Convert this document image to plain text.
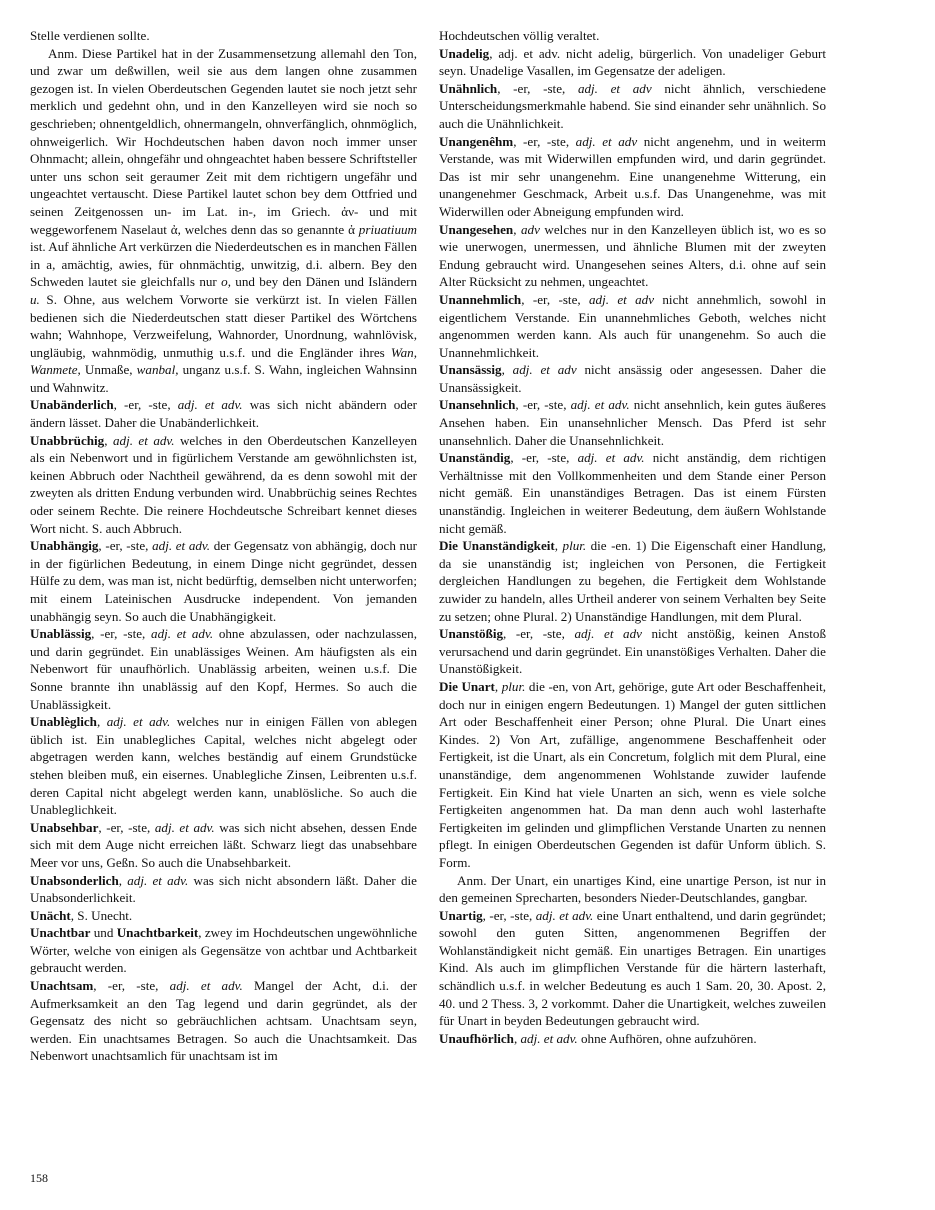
Stelle verdienen sollte.

Anm. Diese Partikel hat in der Zusammensetzung allemahl den Ton, und zwar um deßwillen, weil sie aus dem langen ohne zusammen gezogen ist. In vielen Oberdeutschen Gegenden lautet sie noch jetzt sehr merklich und gedehnt ohn, und in den Kanzelleyen wird sie noch so geschrieben; ohnentgeldlich, ohnermangeln, ohnverfänglich, ohnmöglich, ohnweigerlich. Wir Hochdeutschen haben davon noch immer unser Ohnmacht; allein, ohngefähr und ohngeachtet haben bessere Schriftsteller unter uns schon seit geraumer Zeit mit dem richtigern ungefähr und ungeachtet vertauscht. Diese Partikel lautet schon bey dem Ottfried und seinen Zeitgenossen un- im Lat. in-, im Griech. ἀν- und mit weggeworfenem Naselaut ἀ, welches denn das so genannte ἀ priuatiuum ist. Auf ähnliche Art verkürzen die Niederdeutschen es in manchen Fällen in a, amächtig, awies, für ohnmächtig, unwitzig, d.i. albern. Bey den Schweden lautet sie gleichfalls nur o, und bey den Dänen und Isländern u. S. Ohne, aus welchem Vorworte sie verkürzt ist. In vielen Fällen bedienen sich die Niederdeutschen statt dieser Partikel des Wörtchens wahn; Wahnhope, Verzweifelung, Wahnorder, Unordnung, wahnlövisk, ungläubig, wahnmödig, unmuthig u.s.f. und die Engländer ihres Wan, Wanmete, Unmaße, wanbal, unganz u.s.f. S. Wahn, ingleichen Wahnsinn und Wahnwitz.

Unabänderlich, -er, -ste, adj. et adv. was sich nicht abändern oder ändern lässet. Daher die Unabänderlichkeit.

Unabbrüchig, adj. et adv. welches in den Oberdeutschen Kanzelleyen als ein Nebenwort und in figürlichem Verstande am gewöhnlichsten ist, keinen Abbruch oder Nachtheil gewährend, da es denn sowohl mit der zweyten als dritten Endung verbunden wird. Unabbrüchig seines Rechtes oder seinem Rechte. Die reinere Hochdeutsche Schreibart kennet dieses Wort nicht. S. auch Abbruch.

Unabhängig, -er, -ste, adj. et adv. der Gegensatz von abhängig, doch nur in der figürlichen Bedeutung, in einem Dinge nicht gegründet, dessen Hülfe zu dem, was man ist, nicht bedürftig, demselben nicht unterworfen; mit einem Lateinischen Ausdrucke independent. Von jemanden unabhängig seyn. So auch die Unabhängigkeit.

Unablässig, -er, -ste, adj. et adv. ohne abzulassen, oder nachzulassen, und darin gegründet. Ein unablässiges Weinen. Am häufigsten als ein Nebenwort für unaufhörlich. Unablässig arbeiten, weinen u.s.f. Die Sonne brannte ihn unablässig auf den Kopf, Hermes. So auch die Unablässigkeit.

Unablèglich, adj. et adv. welches nur in einigen Fällen von ablegen üblich ist. Ein unablegliches Capital, welches nicht abgelegt oder abgetragen werden kann, welches beständig auf einem Grundstücke stehen bleiben muß, ein eisernes. Unablegliche Zinsen, Leibrenten u.s.f. deren Capital nicht abgelegt werden kann, unablösliche. So auch die Unableglichkeit.

Unabsehbar, -er, -ste, adj. et adv. was sich nicht absehen, dessen Ende sich mit dem Auge nicht erreichen läßt. Schwarz liegt das unabsehbare Meer vor uns, Geßn. So auch die Unabsehbarkeit.

Unabsonderlich, adj. et adv. was sich nicht absondern läßt. Daher die Unabsonderlichkeit.

Unächt, S. Unecht.

Unachtbar und Unachtbarkeit, zwey im Hochdeutschen ungewöhnliche Wörter, welche von einigen als Gegensätze von achtbar und Achtbarkeit gebraucht werden.

Unachtsam, -er, -ste, adj. et adv. Mangel der Acht, d.i. der Aufmerksamkeit an den Tag legend und darin gegründet, als der Gegensatz des nicht so gebräuchlichen achtsam. Unachtsam seyn, werden. Ein unachtsames Betragen. So auch die Unachtsamkeit. Das Nebenwort unachtsamlich für unachtsam ist im

Hochdeutschen völlig veraltet.

Unadelig, adj. et adv. nicht adelig, bürgerlich. Von unadeliger Geburt seyn. Unadelige Vasallen, im Gegensatze der adeligen.

Unähnlich, -er, -ste, adj. et adv nicht ähnlich, verschiedene Unterscheidungsmerkmahle habend. Sie sind einander sehr unähnlich. So auch die Unähnlichkeit.

Unangenêhm, -er, -ste, adj. et adv nicht angenehm, und in weiterm Verstande, was mit Widerwillen empfunden wird, und darin gegründet. Das ist mir sehr unangenehm. Eine unangenehme Witterung, ein unangenehmer Geschmack, Arbeit u.s.f. Das Unangenehme, was mit Widerwillen oder Abneigung empfunden wird.

Unangesehen, adv welches nur in den Kanzelleyen üblich ist, wo es so wie unerwogen, unermessen, und ähnliche Blumen mit der zweyten Endung gebraucht wird. Unangesehen seines Alters, d.i. ohne auf sein Alter Rücksicht zu nehmen, ungeachtet.

Unannehmlich, -er, -ste, adj. et adv nicht annehmlich, sowohl in eigentlichem Verstande. Ein unannehmliches Geboth, welches nicht angenommen werden kann. Als auch für unangenehm. So auch die Unannehmlichkeit.

Unansässig, adj. et adv nicht ansässig oder angesessen. Daher die Unansässigkeit.

Unansehnlich, -er, -ste, adj. et adv. nicht ansehnlich, kein gutes äußeres Ansehen haben. Ein unansehnlicher Mensch. Das Pferd ist sehr unansehnlich. Daher die Unansehnlichkeit.

Unanständig, -er, -ste, adj. et adv. nicht anständig, dem richtigen Verhältnisse mit den Vollkommenheiten und dem Stande einer Person nicht gemäß. Ein unanständiges Betragen. Das ist einem Fürsten unanständig. Ingleichen in weiterer Bedeutung, dem äußern Wohlstande nicht gemäß.

Die Unanständigkeit, plur. die -en. 1) Die Eigenschaft einer Handlung, da sie unanständig ist; ingleichen von Personen, die Fertigkeit dergleichen Handlungen zu begehen, die Fertigkeit dem Wohlstande zuwider zu handeln, alles Urtheil anderer von seinem Verhalten bey Seite zu setzen; ohne Plural. 2) Unanständige Handlungen, mit dem Plural.

Unanstößig, -er, -ste, adj. et adv nicht anstößig, keinen Anstoß verursachend und darin gegründet. Ein unanstößiges Verhalten. Daher die Unanstößigkeit.

Die Unart, plur. die -en, von Art, gehörige, gute Art oder Beschaffenheit, doch nur in einigen engern Bedeutungen. 1) Mangel der guten sittlichen Art oder Beschaffenheit einer Person; ohne Plural. Die Unart eines Kindes. 2) Von Art, zufällige, angenommene Beschaffenheit oder Fertigkeit, ist die Unart, als ein Concretum, folglich mit dem Plural, eine unanständige, dem angenommenen Wohlstande zuwider laufende Fertigkeit. Ein Kind hat viele Unarten an sich, wenn es viele solche Fertigkeiten angenommen hat. Da man denn auch wohl lasterhafte Fertigkeiten im gelinden und glimpflichen Verstande Unarten zu nennen pflegt. In einigen Oberdeutschen Gegenden ist dafür Unform üblich. S. Form.

Anm. Der Unart, ein unartiges Kind, eine unartige Person, ist nur in den gemeinen Sprecharten, besonders Nieder-Deutschlandes, gangbar.

Unartig, -er, -ste, adj. et adv. eine Unart enthaltend, und darin gegründet; sowohl den guten Sitten, angenommenen Begriffen der Wohlanständigkeit nicht gemäß. Ein unartiges Betragen. Ein unartiges Kind. Als auch im glimpflichen Verstande für die härtern lasterhaft, schändlich u.s.f. in welcher Bedeutung es auch 1 Sam. 20, 30. Apost. 2, 40. und 2 Thess. 3, 2 vorkommt. Daher die Unartigkeit, welches zuweilen für Unart in beyden Bedeutungen gebraucht wird.

Unaufhörlich, adj. et adv. ohne Aufhören, ohne aufzuhören.

158
